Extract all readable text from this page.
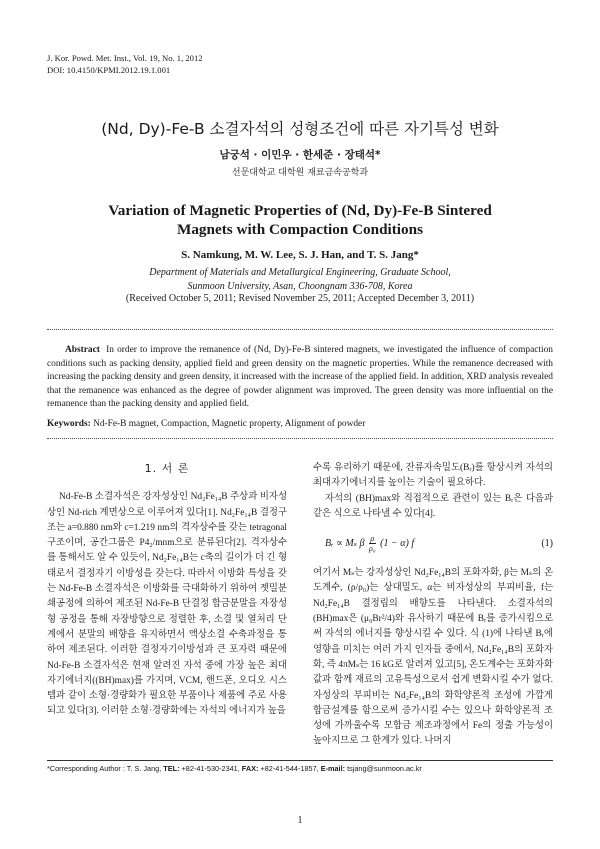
J. Kor. Powd. Met. Inst., Vol. 19, No. 1, 2012
DOI: 10.4150/KPMI.2012.19.1.001
(Nd, Dy)-Fe-B 소결자석의 성형조건에 따른 자기특성 변화
남궁석 · 이민우 · 한세준 · 장태석*
선문대학교 대학원 재료금속공학과
Variation of Magnetic Properties of (Nd, Dy)-Fe-B Sintered
Magnets with Compaction Conditions
S. Namkung, M. W. Lee, S. J. Han, and T. S. Jang*
Department of Materials and Metallurgical Engineering, Graduate School,
Sunmoon University, Asan, Choongnam 336-708, Korea
(Received October 5, 2011; Revised November 25, 2011; Accepted December 3, 2011)

Abstract In order to improve the remanence of (Nd, Dy)-Fe-B sintered magnets, we investigated the influence of compaction conditions such as packing density, applied field and green density on the magnetic properties. While the remanence decreased with increasing the packing density and green density, it increased with the increase of the applied field. In addition, XRD analysis revealed that the remanence was enhanced as the degree of powder alignment was improved. The green density was more influential on the remanence than the packing density and applied field.

Keywords: Nd-Fe-B magnet, Compaction, Magnetic property, Alignment of powder
1. 서 론

Nd-Fe-B 소결자석은 강자성상인 Nd₂Fe₁₄B 주상과 비자성상인 Nd-rich 계면상으로 이루어져 있다[1]. Nd₂Fe₁₄B 결정구조는 a=0.880 nm와 c=1.219 nm의 격자상수를 갖는 tetragonal 구조이며, 공간그룹은 P4₂/mnm으로 분류된다[2]. 격자상수를 통해서도 알 수 있듯이, Nd₂Fe₁₄B는 c축의 길이가 더 긴 형태로서 결정자기 이방성을 갖는다. 따라서 이방화 특성을 갖는 Nd-Fe-B 소결자석은 이방화를 극대화하기 위하여 젯밀분쇄공정에 의하여 제조된 Nd-Fe-B 단결정 합금분말을 자장성형 공정을 통해 자장방향으로 정렬한 후, 소결 및 열처리 단계에서 분말의 배향을 유지하면서 액상소결 수축과정을 통하여 제조된다. 이러한 결정자기이방성과 큰 포자력 때문에 Nd-Fe-B 소결자석은 현재 알려진 자석 중에 가장 높은 최대자기에너지((BH)max)를 가지며, VCM, 핸드폰, 오디오 시스템과 같이 소형·경량화가 필요한 부품이나 제품에 주로 사용되고 있다[3]. 이러한 소형·경량화에는 자석의 에너지가 높을

수록 유리하기 때문에, 잔류자속밀도(Bᵣ)를 항상시켜 자석의 최대자기에너지를 높이는 기술이 필요하다.

자석의 (BH)max와 직접적으로 관련이 있는 Bᵣ은 다음과 같은 식으로 나타낼 수 있다[4].

Bᵣ ∝ Mₛ β $\frac{\rho}{\text{ρ₀}} (1 - \alpha)$ f	(1)

여기서 Mₛ는 강자성상인 Nd₂Fe₁₄B의 포화자화, β는 Mₛ의 온도계수, (ρ/ρ₀)는 상대밀도, α는 비자성상의 부피비율, f는 Nd₂Fe₁₄B 결정립의 배향도를 나타낸다. 소결자석의 (BH)max은 (μ₀Br²/4)와 유사하기 때문에 Bᵣ를 증가시킴으로써 자석의 에너지를 향상시킬 수 있다. 식 (1)에 나타낸 Bᵣ에 영향을 미치는 여러 가지 인자들 중에서, Nd₂Fe₁₄B의 포화자화, 즉 4πMₛ는 16 kG로 알려져 있고[5], 온도계수는 포화자화값과 함께 재료의 고유특성으로서 쉽게 변화시킬 수가 없다. 자성상의 부피비는 Nd₂Fe₁₄B의 화학양론적 조성에 가깝게 합금설계를 함으로써 증가시킬 수는 있으나 화학양론적 조성에 가까울수록 모합금 제조과정에서 Fe의 정출 가능성이 높아지므로 그 한계가 있다. 나머지

*Corresponding Author : T. S. Jang, TEL: +82-41-530-2341, FAX: +82-41-544-1857, E-mail: tsjang@sunmoon.ac.kr
1
